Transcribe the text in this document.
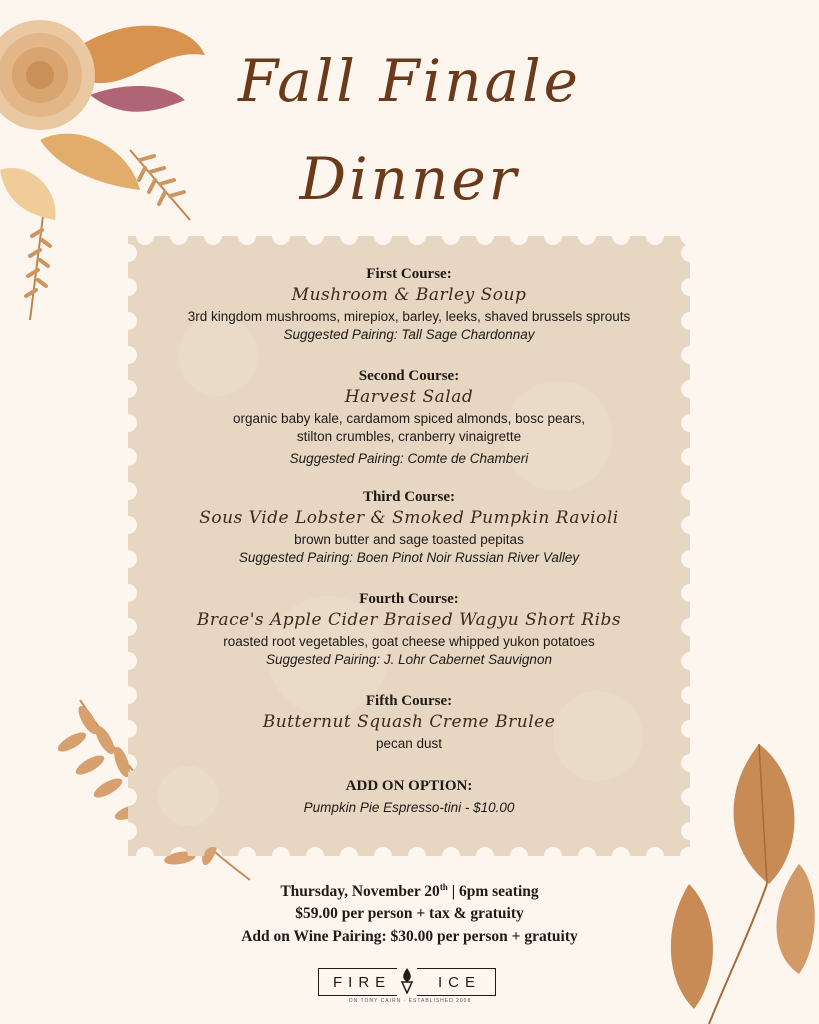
Fall Finale
Dinner
First Course:
Mushroom & Barley Soup
3rd kingdom mushrooms, mirepiox, barley, leeks, shaved brussels sprouts
Suggested Pairing: Tall Sage Chardonnay
Second Course:
Harvest Salad
organic baby kale, cardamom spiced almonds, bosc pears,
stilton crumbles, cranberry vinaigrette
Suggested Pairing: Comte de Chamberi
Third Course:
Sous Vide Lobster & Smoked Pumpkin Ravioli
brown butter and sage toasted pepitas
Suggested Pairing: Boen Pinot Noir Russian River Valley
Fourth Course:
Brace's Apple Cider Braised Wagyu Short Ribs
roasted root vegetables, goat cheese whipped yukon potatoes
Suggested Pairing: J. Lohr Cabernet Sauvignon
Fifth Course:
Butternut Squash Creme Brulee
pecan dust
ADD ON OPTION:
Pumpkin Pie Espresso-tini - $10.00
Thursday, November 20th | 6pm seating
$59.00 per person + tax & gratuity
Add on Wine Pairing: $30.00 per person + gratuity
FIRE	ICE
ON TONY CAIRN · ESTABLISHED 2008
